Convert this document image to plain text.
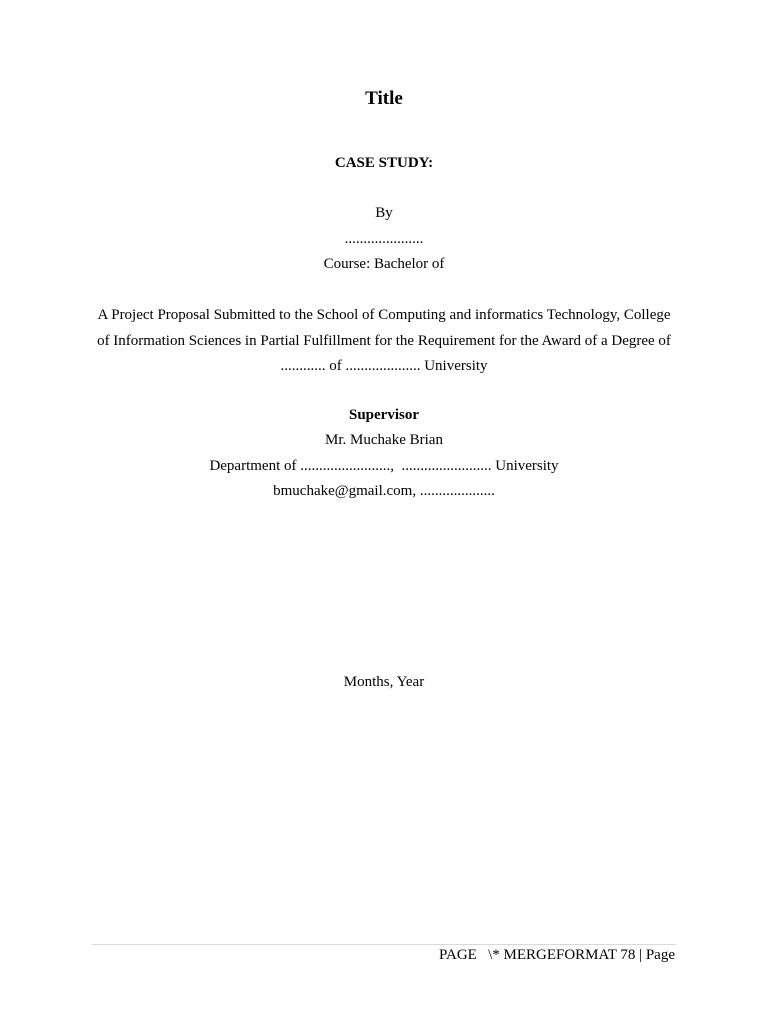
Title
CASE STUDY:
By
.....................
Course: Bachelor of
A Project Proposal Submitted to the School of Computing and informatics Technology, College of Information Sciences in Partial Fulfillment for the Requirement for the Award of a Degree of ............ of .................... University
Supervisor
Mr. Muchake Brian
Department of ........................,  ........................ University
bmuchake@gmail.com, ....................
Months, Year
PAGE   \* MERGEFORMAT 78 | Page
